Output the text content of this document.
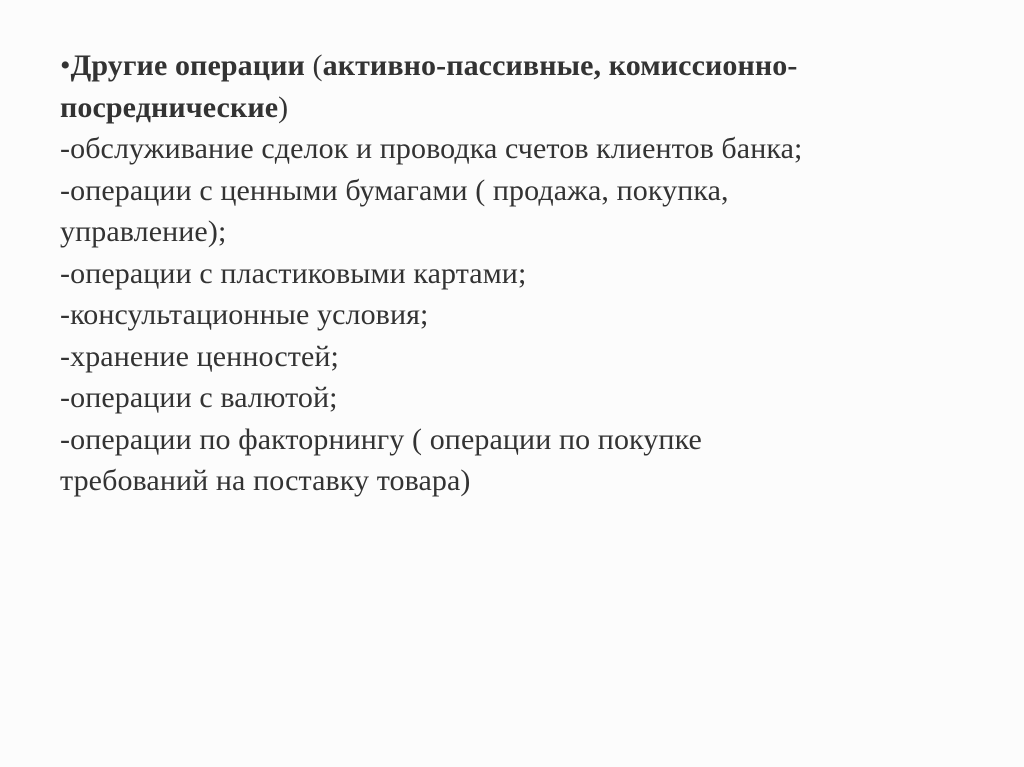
•Другие операции (активно-пассивные, комиссионно-

посреднические)

-обслуживание сделок и проводка счетов клиентов банка;
-операции с ценными бумагами ( продажа, покупка,
управление);
-операции с пластиковыми картами;
-консультационные условия;
-хранение ценностей;
-операции с валютой;
-операции по факторнингу ( операции по покупке
требований на поставку товара)
